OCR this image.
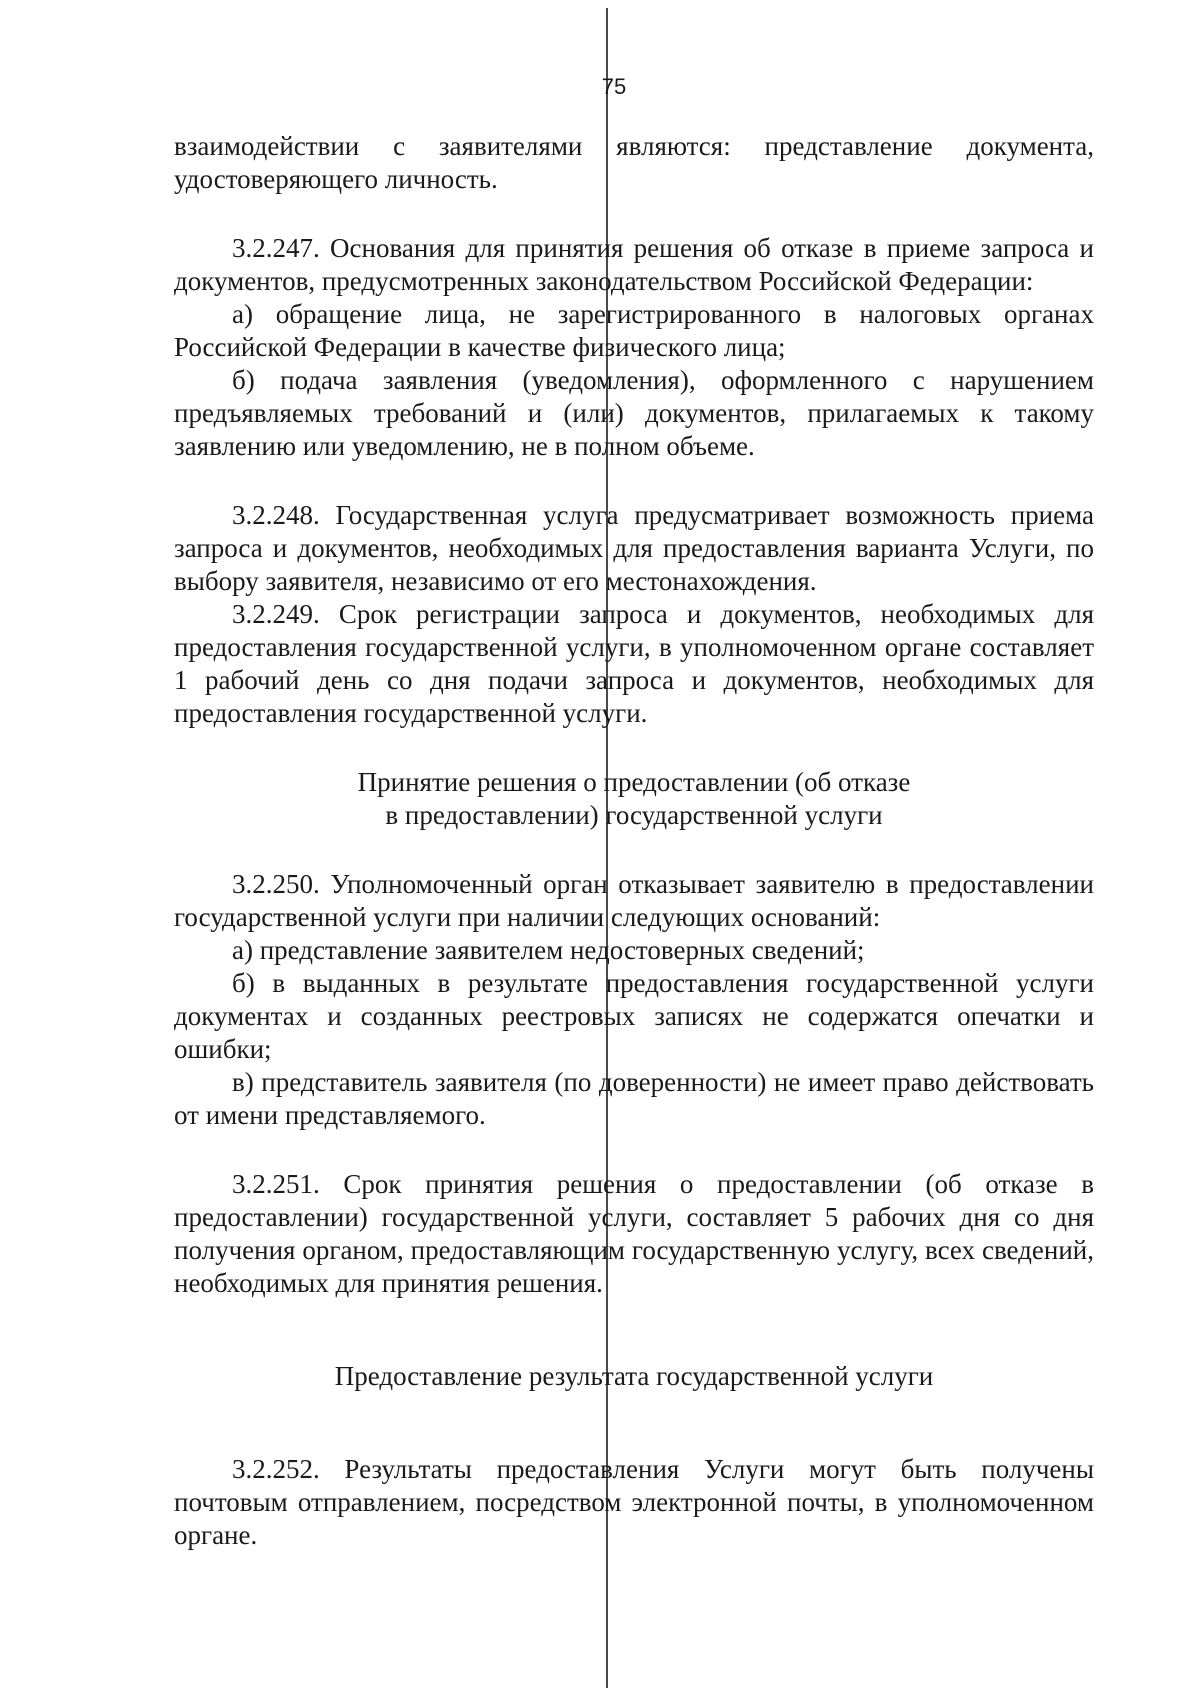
75

взаимодействии с заявителями являются: представление документа, удостоверяющего личность.

3.2.247. Основания для принятия решения об отказе в приеме запроса и документов, предусмотренных законодательством Российской Федерации:

а) обращение лица, не зарегистрированного в налоговых органах Российской Федерации в качестве физического лица;

б) подача заявления (уведомления), оформленного с нарушением предъявляемых требований и (или) документов, прилагаемых к такому заявлению или уведомлению, не в полном объеме.

3.2.248. Государственная услуга предусматривает возможность приема запроса и документов, необходимых для предоставления варианта Услуги, по выбору заявителя, независимо от его местонахождения.

3.2.249. Срок регистрации запроса и документов, необходимых для предоставления государственной услуги, в уполномоченном органе составляет 1 рабочий день со дня подачи запроса и документов, необходимых для предоставления государственной услуги.

Принятие решения о предоставлении (об отказе

в предоставлении) государственной услуги

3.2.250. Уполномоченный орган отказывает заявителю в предоставлении государственной услуги при наличии следующих оснований:

а) представление заявителем недостоверных сведений;

б) в выданных в результате предоставления государственной услуги документах и созданных реестровых записях не содержатся опечатки и ошибки;

в) представитель заявителя (по доверенности) не имеет право действовать от имени представляемого.

3.2.251. Срок принятия решения о предоставлении (об отказе в предоставлении) государственной услуги, составляет 5 рабочих дня со дня получения органом, предоставляющим государственную услугу, всех сведений, необходимых для принятия решения.

Предоставление результата государственной услуги

3.2.252. Результаты предоставления Услуги могут быть получены почтовым отправлением, посредством электронной почты, в уполномоченном органе.
